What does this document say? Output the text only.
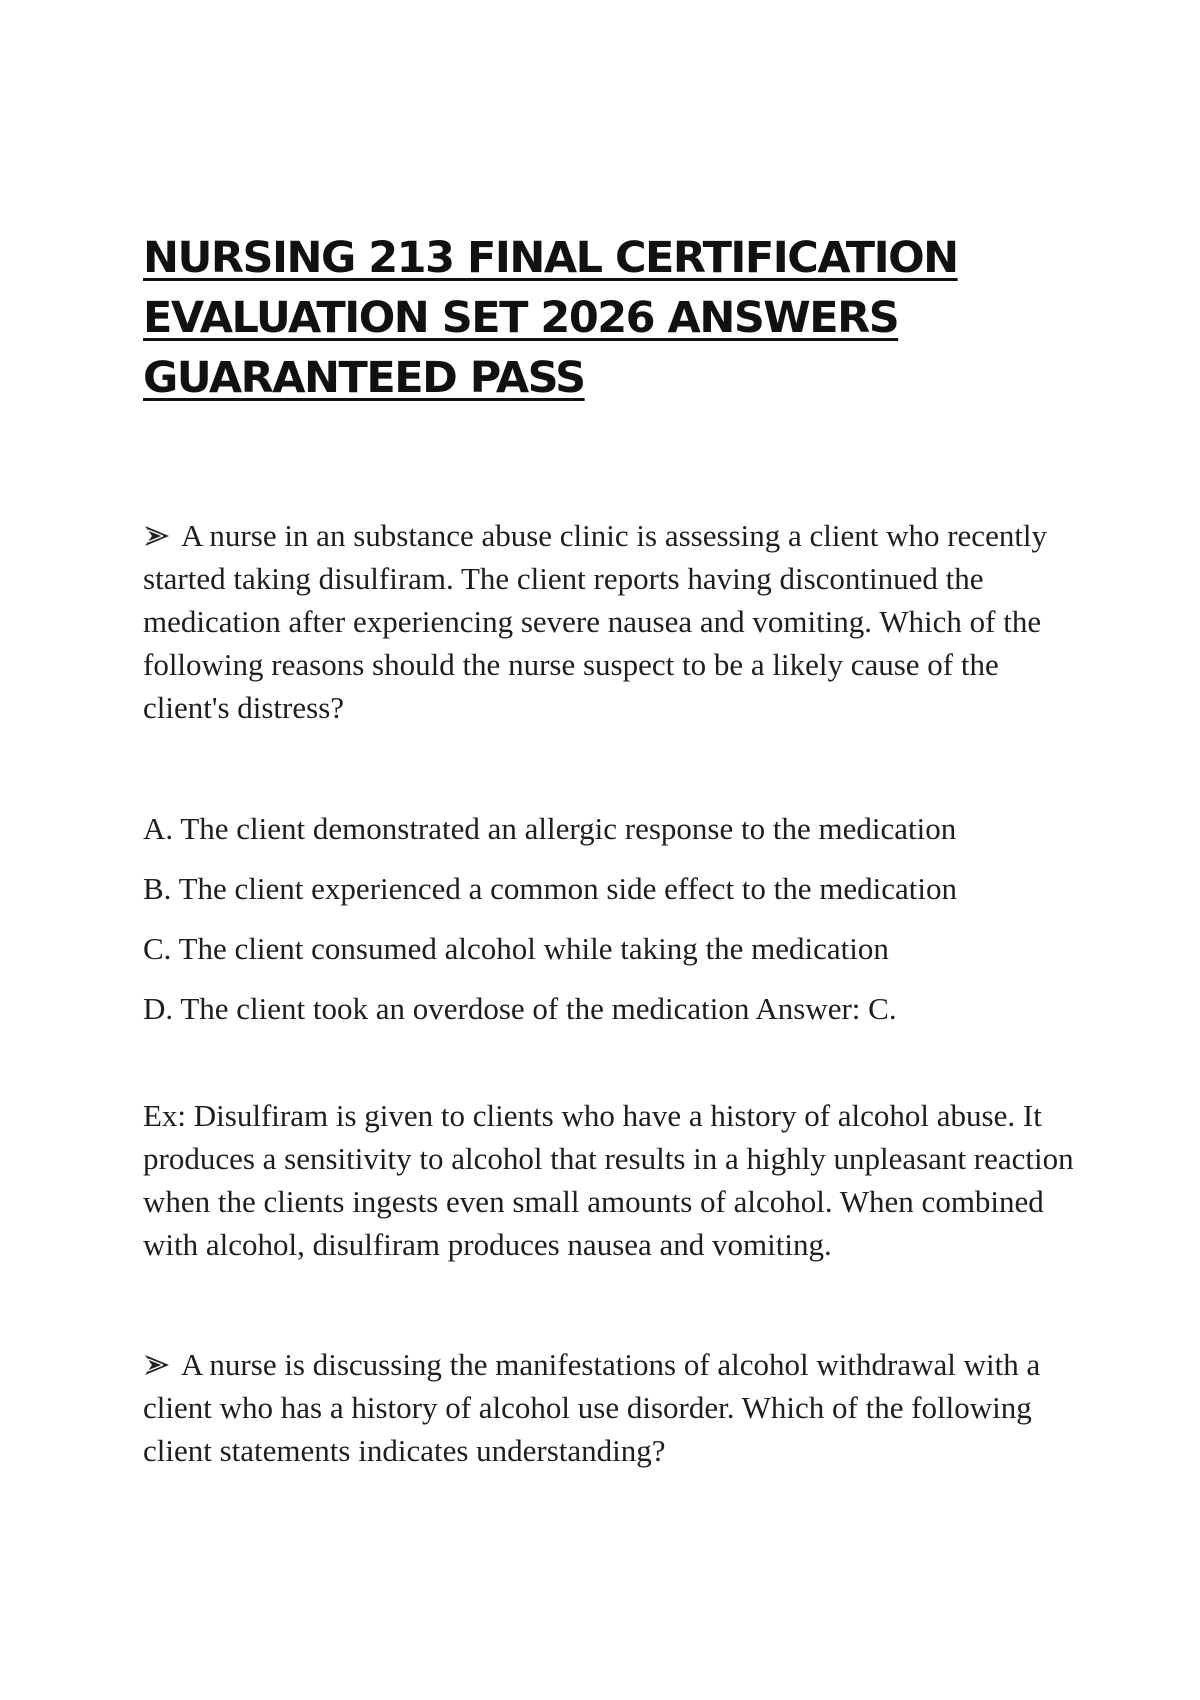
NURSING 213 FINAL CERTIFICATION
EVALUATION SET 2026 ANSWERS
GUARANTEED PASS

A nurse in an substance abuse clinic is assessing a client who recently started taking disulfiram. The client reports having discontinued the medication after experiencing severe nausea and vomiting. Which of the following reasons should the nurse suspect to be a likely cause of the client's distress?

A. The client demonstrated an allergic response to the medication

B. The client experienced a common side effect to the medication

C. The client consumed alcohol while taking the medication

D. The client took an overdose of the medication Answer: C.

Ex: Disulfiram is given to clients who have a history of alcohol abuse. It produces a sensitivity to alcohol that results in a highly unpleasant reaction when the clients ingests even small amounts of alcohol. When combined with alcohol, disulfiram produces nausea and vomiting.

A nurse is discussing the manifestations of alcohol withdrawal with a client who has a history of alcohol use disorder. Which of the following client statements indicates understanding?
